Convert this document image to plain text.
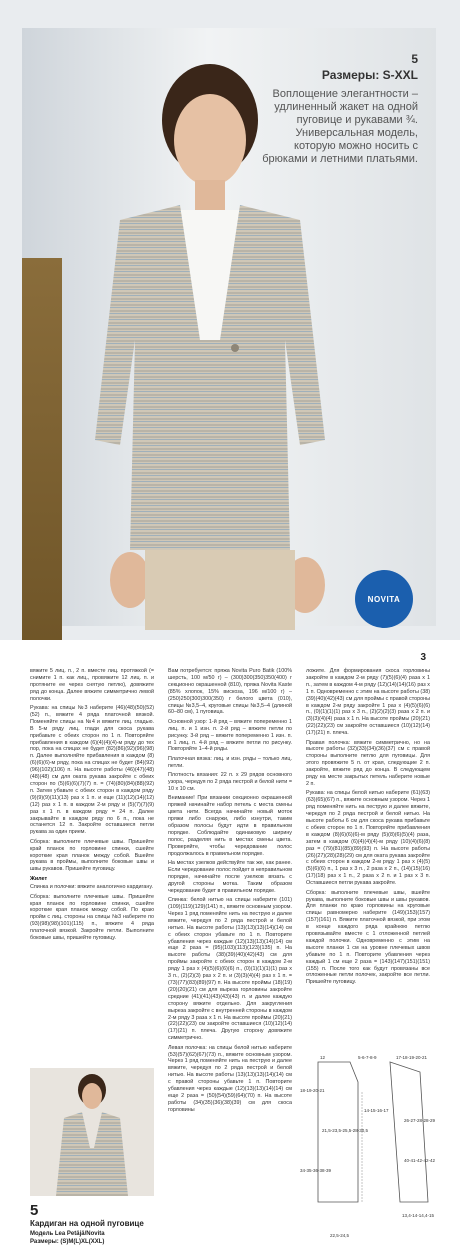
5
Размеры: S-XXL
Воплощение элегантности – удлиненный жакет на одной пуговице и рукавами ¾. Универсальная модель, которую можно носить с брюками и летними платьями.
NOVITA
3

вяжите 5 лиц. п., 2 п. вместе лиц. протяжкой (= снимите 1 п. как лиц., провяжите 12 лиц. п. и протяните ее через снятую петлю), довяжите ряд до конца. Далее вяжите симметрично левой полочки.

Рукава: на спицы №3 наберите (46)(48)(50)(52)(52) п., вяжите 4 ряда платочной вязкой. Поменяйте спицы на №4 и вяжите лиц. гладью. В 5-м ряду лиц. глади для скоса рукава прибавьте с обеих сторон по 1 п. Повторяйте прибавления в каждом (6)(4)(4)(4)-м ряду до тех пор, пока на спицах не будет (82)(86)(92)(96)(98) п. Далее выполняйте прибавления в каждом (8)(6)(6)(6)-м ряду, пока на спицах не будет (84)(92)(96)(102)(106) п. На высоте работы (46)(47)(48)(48)(48) см для оката рукава закройте с обеих сторон по (5)(6)(6)(7)(7) п. = (74)(80)(84)(88)(92) п. Затем убавьте с обеих сторон в каждом ряду (9)(9)(9)(11)(13) раз x 1 п. и еще (11)(12)(14)(12)(12) раз x 1 п. в каждом 2-м ряду и (5)(7)(7)(9) раз x 1 п. в каждом ряду = 24 п. Далее закрывайте в каждом ряду по 6 п., пока не останется 12 п. Закройте оставшиеся петли рукава за один прием.

Сборка: выполните плечевые швы. Пришейте край планок по горловине спинки, сшейте короткие края планок между собой. Вшейте рукава в проймы, выполните боковые швы и швы рукавов. Пришейте пуговицу.

Жилет

Спинка и полочки: вяжите аналогично кардигану.

Сборка: выполните плечевые швы. Пришейте края планок по горловине спинки, сшейте короткие края планок между собой. По краю пройм с лиц. стороны на спицы №3 наберите по (93)(98)(98)(101)(115) п., вяжите 4 ряда платочной вязкой. Закройте петли. Выполните боковые швы, пришейте пуговицу.

5
Кардиган на одной пуговице
Модель Lea Petäjä/Novita
Размеры: (S)M(L)XL(XXL)

Вам потребуется: пряжа Novita Puro Batik (100% шерсть, 100 м/50 г) – (300)300(350)350(400) г секционно окрашенной (810), пряжа Novita Kaste (85% хлопок, 15% вискоза, 196 м/100 г) – (250)250(300)300(350) г белого цвета (010), спицы №3,5–4, круговые спицы №3,5–4 (длиной 60–80 см), 1 пуговица.

Основной узор: 1-й ряд – вяжите попеременно 1 лиц. п. и 1 изн. п. 2-й ряд – вяжите петли по рисунку. 3-й ряд – вяжите попеременно 1 изн. п. и 1 лиц. п. 4-й ряд – вяжите петли по рисунку. Повторяйте 1–4-й ряды.

Платочная вязка: лиц. и изн. ряды – только лиц. петли.

Плотность вязания: 22 п. x 29 рядов основного узора, чередуя по 2 ряда пестрой и белой нити = 10 x 10 см.

Внимание! При вязании секционно окрашенной пряжей начинайте набор петель с места смены цвета нити. Всегда начинайте новый моток пряжи либо снаружи, либо изнутри, таким образом полосы будут идти в правильном порядке. Соблюдайте одинаковую ширину полос, разделяя нить в местах смены цвета. Проверяйте, чтобы чередование полос продолжалось в правильном порядке.

На местах узелков действуйте так же, как ранее. Если чередование полос пойдет в неправильном порядке, начинайте после узелков вязать с другой стороны мотка. Таким образом чередование будет в правильном порядке.

Спинка: белой нитью на спицы наберите (101)(109)(119)(129)(141) п., вяжите основным узором. Через 1 ряд поменяйте нить на пеструю и далее вяжите, чередуя по 2 ряда пестрой и белой нитью. На высоте работы (13)(13)(13)(14)(14) см с обеих сторон убавьте по 1 п. Повторите убавления через каждые (12)(13)(13)(14)(14) см еще 2 раза = (95)(103)(113)(123)(135) п. На высоте работы (38)(39)(40)(42)(43) см для проймы закройте с обеих сторон в каждом 2-м ряду 1 раз x (4)(5)(6)(6)(6) п., (0)(1)(1)(1)(1) раз x 3 п., (2)(2)(3) раз x 2 п. и (3)(3)(4)(4) раз x 1 п. = (73)(77)(83)(89)(97) п. На высоте проймы (18)(19)(20)(20)(21) см для выреза горловины закройте средние (41)(41)(43)(43)(43) п. и далее каждую сторону вяжите отдельно. Для закругления выреза закройте с внутренней стороны в каждом 2-м ряду 3 раза x 1 п. На высоте проймы (20)(21)(22)(22)(23) см закройте оставшиеся (10)(12)(14)(17)(21) п. плеча. Другую сторону довяжите симметрично.

Левая полочка: на спицы белой нитью наберите (53)(57)(62)(67)(73) п., вяжите основным узором. Через 1 ряд поменяйте нить на пеструю и далее вяжите, чередуя по 2 ряда пестрой и белой нитью. На высоте работы (13)(13)(13)(14)(14) см с правой стороны убавьте 1 п. Повторите убавления через каждые (12)(13)(13)(14)(14) см еще 2 раза = (50)(54)(59)(64)(70) п. На высоте работы (34)(35)(36)(38)(39) см для скоса горловины

ложите. Для формирования скоса горловины закройте в каждом 2-м ряду (7)(5)(6)(4) раза x 1 п., затем в каждом 4-м ряду (12)(14)(14)(16) раз x 1 п. Одновременно с этим на высоте работы (38)(39)(40)(42)(43) см для проймы с правой стороны в каждом 2-м ряду закройте 1 раз x (4)(5)(6)(6) п., (0)(1)(1)(1) раз x 3 п., (2)(2)(2)(3) раза x 2 п. и (3)(3)(4)(4) раза x 1 п. На высоте проймы (20)(21)(22)(22)(23) см закройте оставшиеся (10)(12)(14)(17)(21) п. плеча.

Правая полочка: вяжите симметрично, но на высоте работы (32)(33)(34)(36)(37) см с правой стороны выполните петлю для пуговицы. Для этого провяжите 5 п. от края, следующие 2 п. закройте, вяжите ряд до конца. В следующем ряду на месте закрытых петель наберите новые 2 п.

Рукава: на спицы белой нитью наберите (61)(63)(63)(65)(67) п., вяжите основным узором. Через 1 ряд поменяйте нить на пеструю и далее вяжите, чередуя по 2 ряда пестрой и белой нитью. На высоте работы 6 см для скоса рукава прибавьте с обеих сторон по 1 п. Повторяйте прибавления в каждом (8)(6)(6)(6)-м ряду (5)(8)(6)(5)(4) раза, затем в каждом (6)(4)(4)(4)-м ряду (10)(4)(6)(8) раз = (79)(81)(85)(89)(93) п. На высоте работы (26)(27)(28)(28)(29) см для оката рукава закройте с обеих сторон в каждом 2-м ряду 1 раз x (4)(5)(5)(6)(6) п., 1 раз x 3 п., 2 раза x 2 п., (14)(15)(16)(17)(18) раз x 1 п., 2 раза x 2 п. и 1 раз x 3 п. Оставшиеся петли рукава закройте.

Сборка: выполните плечевые швы, вшейте рукава, выполните боковые швы и швы рукавов. Для планки по краю горловины на круговые спицы равномерно наберите (149)(153)(157)(157)(161) п. Вяжите платочной вязкой, при этом в конце каждого ряда крайнюю петлю провязывайте вместе с 1 отложенной петлей каждой полочки. Одновременно с этим на высоте планки 1 см на уровне плечевых швов убавьте по 1 п. Повторите убавления через каждый 1 см еще 2 раза = (143)(147)(151)(151)(155) п. После того как будут провязаны все отложенные петли полочек, закройте все петли. Пришейте пуговицу.

12	5-6-7-8-9	17-18-19-20-21
18-19-20-21
14-15-16-17
21,5-23,5-25,5-28-30,5
34-35-36-38-39
26-27-28-28-29
13,4-14-14,4-15
40-41-42-42-42
22,5-24,5
